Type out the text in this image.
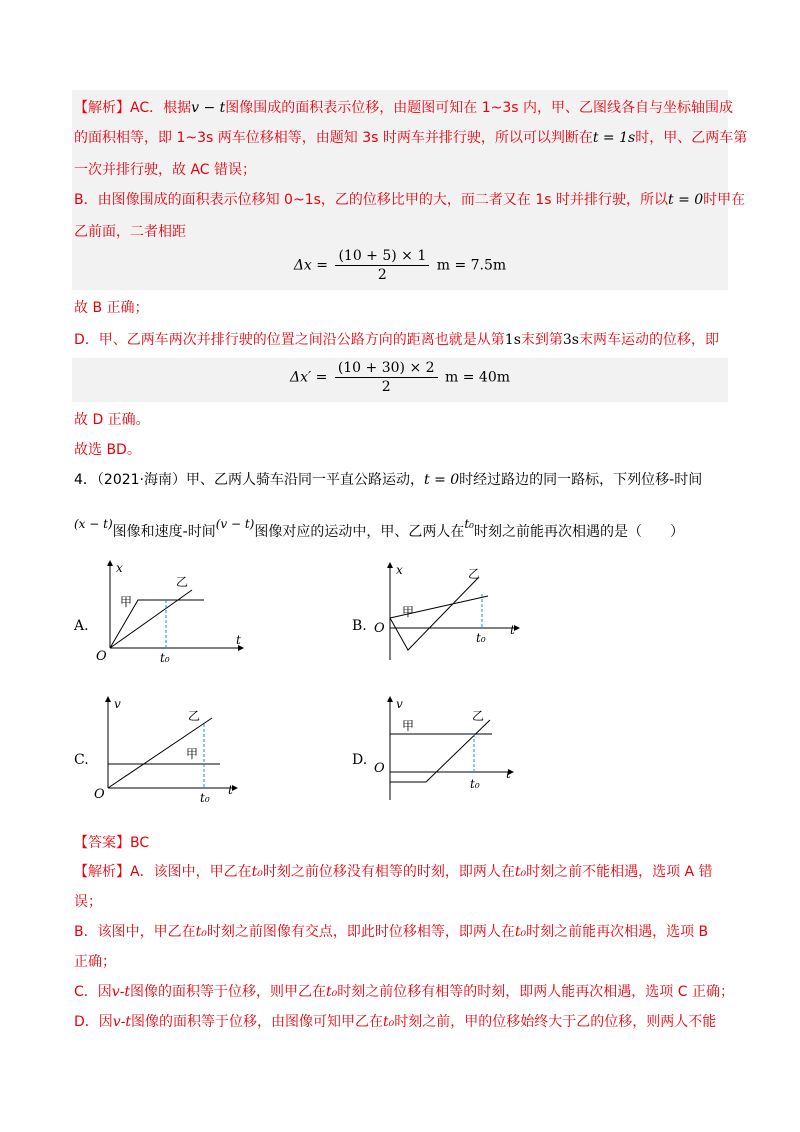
【解析】AC．根据v − t图像围成的面积表示位移，由题图可知在 1~3s 内，甲、乙图线各自与坐标轴围成
的面积相等，即 1~3s 两车位移相等，由题知 3s 时两车并排行驶，所以可以判断在t = 1s时，甲、乙两车第
一次并排行驶，故 AC 错误；
B．由图像围成的面积表示位移知 0~1s，乙的位移比甲的大，而二者又在 1s 时并排行驶，所以t = 0时甲在
乙前面，二者相距
$\Delta x = \frac{(10 + 5) \times 1}{2}$ m = 7.5m
故 B 正确；
D．甲、乙两车两次并排行驶的位置之间沿公路方向的距离也就是从第1s末到第3s末两车运动的位移，即
$\Delta x' = \frac{(10 + 30) \times 2}{2}$ m = 40m
故 D 正确。
故选 BD。
4．（2021·海南）甲、乙两人骑车沿同一平直公路运动，t = 0时经过路边的同一路标，下列位移-时间
(x − t)图像和速度-时间(v − t)图像对应的运动中，甲、乙两人在t₀时刻之前能再次相遇的是（　　）
A.	B.
C.	D.
x
t
O	t₀
甲
乙
x
t
O
t₀
甲
乙
v
t
O	t₀
甲
乙
v
t
O
t₀
甲
乙
【答案】BC
【解析】A．该图中，甲乙在t₀时刻之前位移没有相等的时刻，即两人在t₀时刻之前不能相遇，选项 A 错
误；
B．该图中，甲乙在t₀时刻之前图像有交点，即此时位移相等，即两人在t₀时刻之前能再次相遇，选项 B
正确；
C．因v-t图像的面积等于位移，则甲乙在t₀时刻之前位移有相等的时刻，即两人能再次相遇，选项 C 正确；
D．因v-t图像的面积等于位移，由图像可知甲乙在t₀时刻之前，甲的位移始终大于乙的位移，则两人不能
